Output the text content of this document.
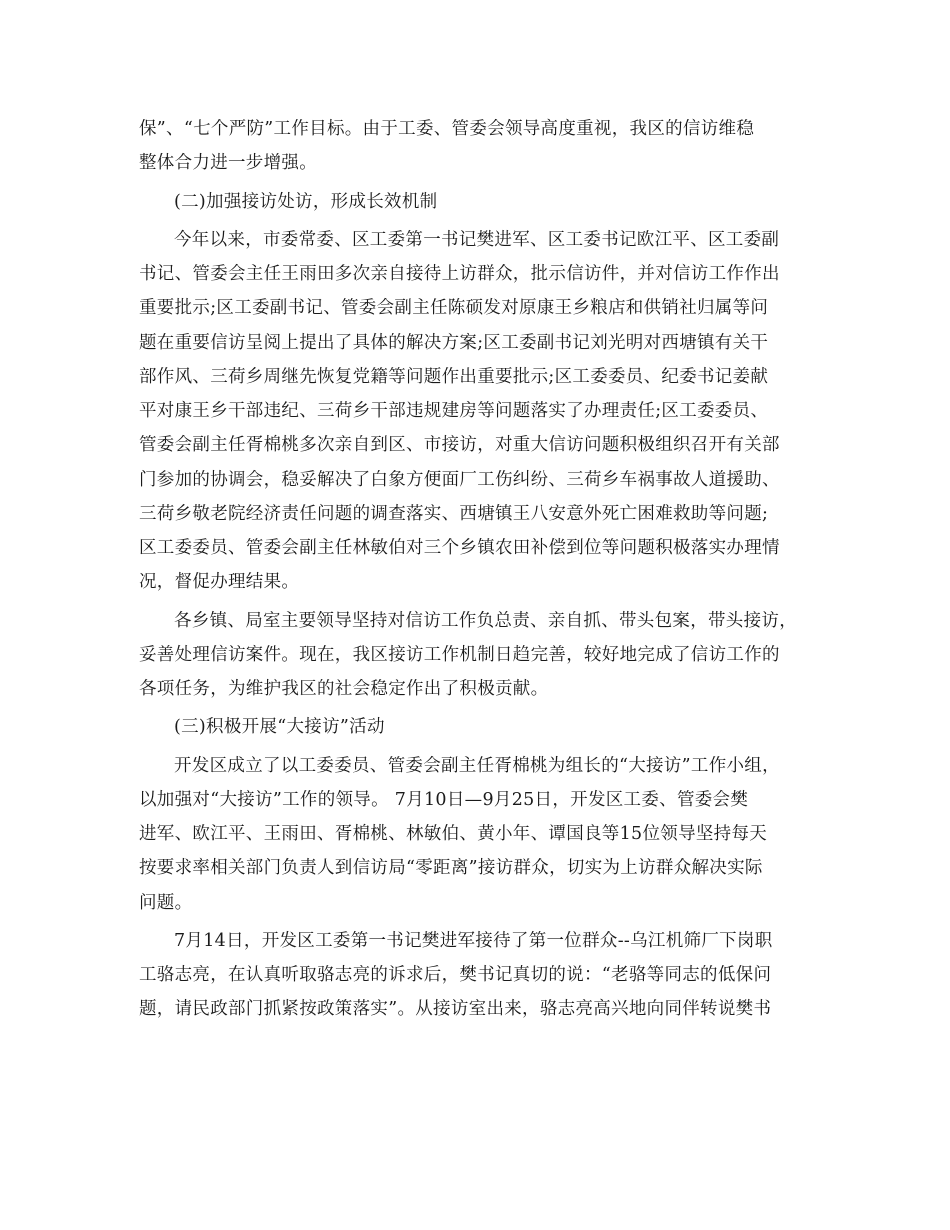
保”、“七个严防”工作目标。由于工委、管委会领导高度重视，我区的信访维稳
整体合力进一步增强。
(二)加强接访处访，形成长效机制
今年以来，市委常委、区工委第一书记樊进军、区工委书记欧江平、区工委副
书记、管委会主任王雨田多次亲自接待上访群众，批示信访件，并对信访工作作出
重要批示;区工委副书记、管委会副主任陈硕发对原康王乡粮店和供销社归属等问
题在重要信访呈阅上提出了具体的解决方案;区工委副书记刘光明对西塘镇有关干
部作风、三荷乡周继先恢复党籍等问题作出重要批示;区工委委员、纪委书记姜献
平对康王乡干部违纪、三荷乡干部违规建房等问题落实了办理责任;区工委委员、
管委会副主任胥棉桃多次亲自到区、市接访，对重大信访问题积极组织召开有关部
门参加的协调会，稳妥解决了白象方便面厂工伤纠纷、三荷乡车祸事故人道援助、
三荷乡敬老院经济责任问题的调查落实、西塘镇王八安意外死亡困难救助等问题;
区工委委员、管委会副主任林敏伯对三个乡镇农田补偿到位等问题积极落实办理情
况，督促办理结果。
各乡镇、局室主要领导坚持对信访工作负总责、亲自抓、带头包案，带头接访，
妥善处理信访案件。现在，我区接访工作机制日趋完善，较好地完成了信访工作的
各项任务，为维护我区的社会稳定作出了积极贡献。
(三)积极开展“大接访”活动
开发区成立了以工委委员、管委会副主任胥棉桃为组长的“大接访”工作小组，
以加强对“大接访”工作的领导。 7月10日—9月25日，开发区工委、管委会樊
进军、欧江平、王雨田、胥棉桃、林敏伯、黄小年、谭国良等15位领导坚持每天
按要求率相关部门负责人到信访局“零距离”接访群众，切实为上访群众解决实际
问题。
7月14日，开发区工委第一书记樊进军接待了第一位群众--乌江机筛厂下岗职
工骆志亮，在认真听取骆志亮的诉求后，樊书记真切的说：“老骆等同志的低保问
题，请民政部门抓紧按政策落实”。从接访室出来，骆志亮高兴地向同伴转说樊书
